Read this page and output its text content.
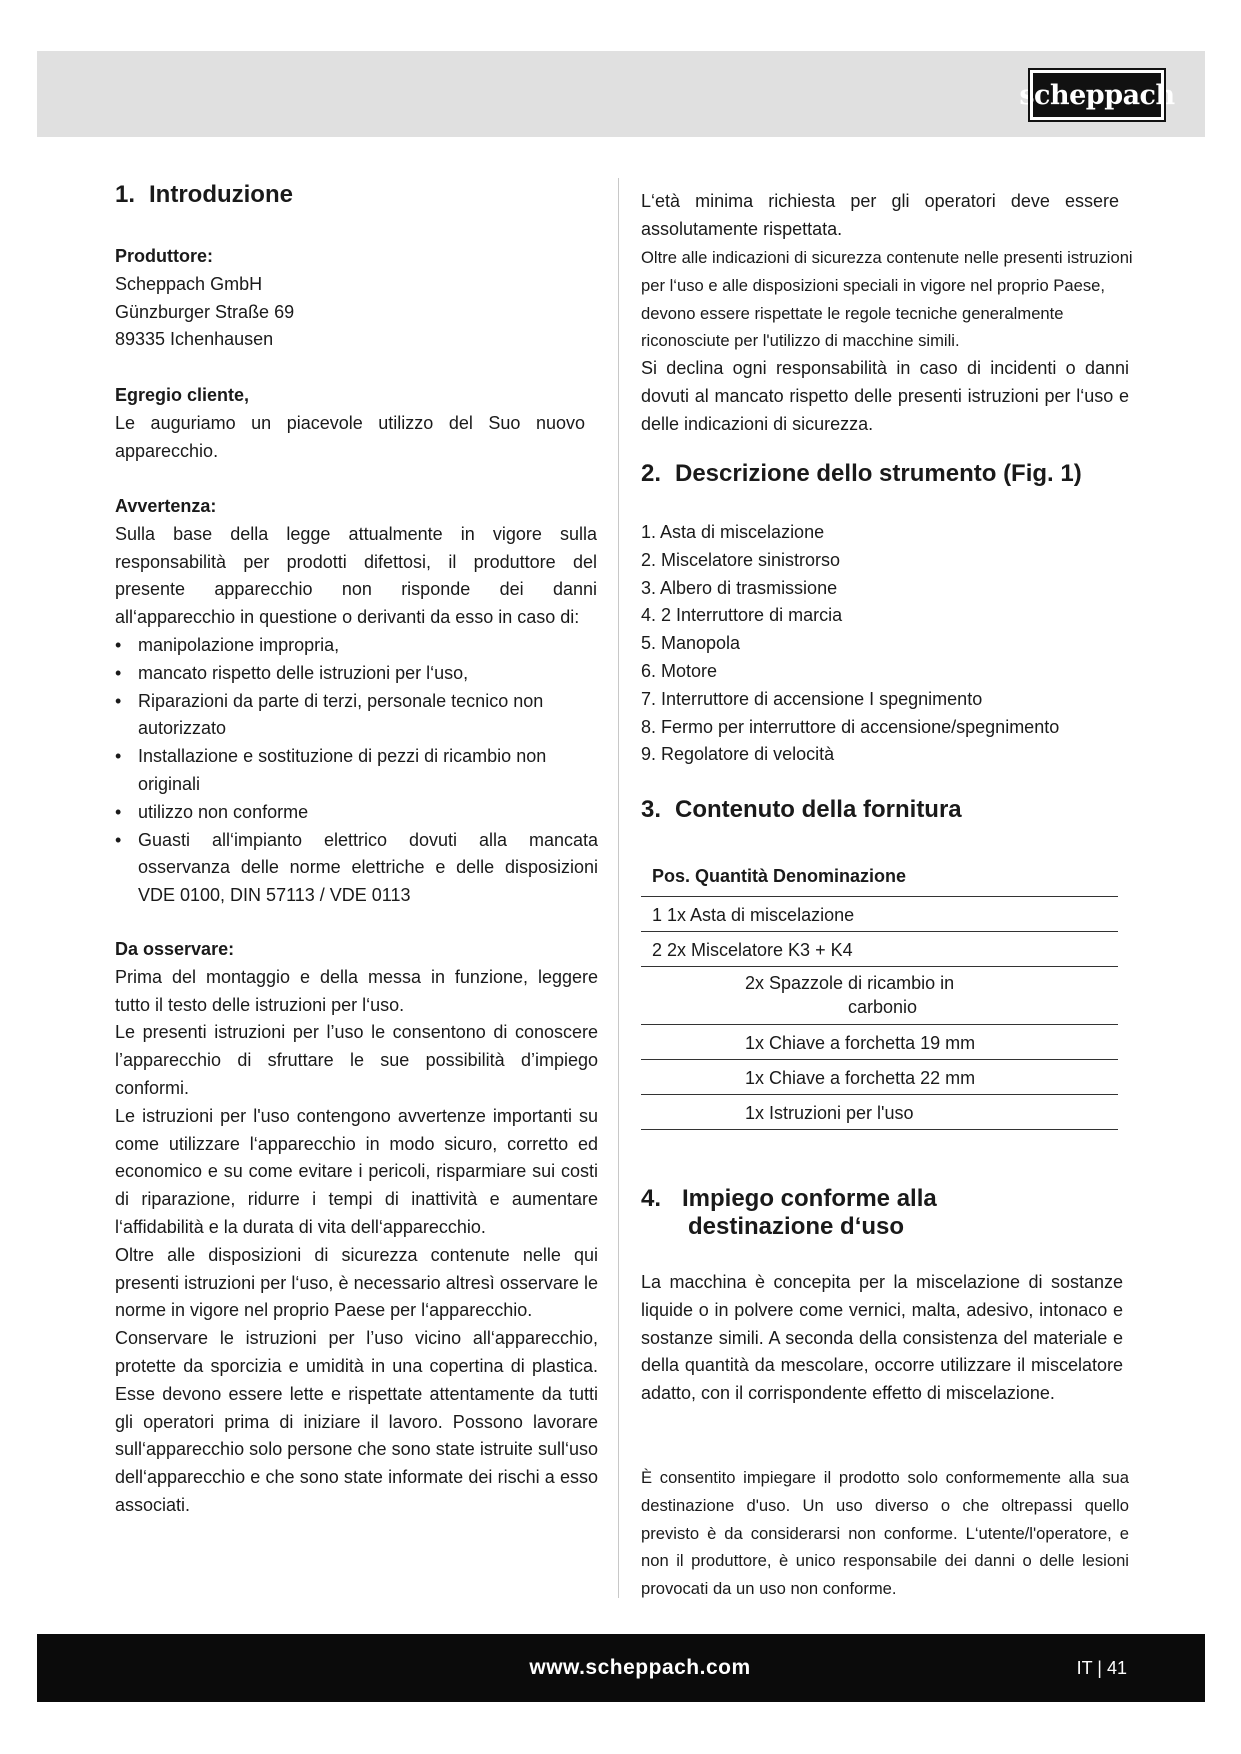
scheppach
1. Introduzione
Produttore:
Scheppach GmbH
Günzburger Straße 69
89335 Ichenhausen
Egregio cliente,

Le auguriamo un piacevole utilizzo del Suo nuovo apparecchio.

Avvertenza:

Sulla base della legge attualmente in vigore sulla responsabilità per prodotti difettosi, il produttore del presente apparecchio non risponde dei danni all‘apparecchio in questione o derivanti da esso in caso di:

• manipolazione impropria,
• mancato rispetto delle istruzioni per l‘uso,
• Riparazioni da parte di terzi, personale tecnico non autorizzato
• Installazione e sostituzione di pezzi di ricambio non originali
• utilizzo non conforme
• Guasti all‘impianto elettrico dovuti alla mancata osservanza delle norme elettriche e delle disposizioni VDE 0100, DIN 57113 / VDE 0113
Da osservare:

Prima del montaggio e della messa in funzione, leggere tutto il testo delle istruzioni per l‘uso.

Le presenti istruzioni per l’uso le consentono di conoscere l’apparecchio di sfruttare le sue possibilità d’impiego conformi.

Le istruzioni per l'uso contengono avvertenze importanti su come utilizzare l‘apparecchio in modo sicuro, corretto ed economico e su come evitare i pericoli, risparmiare sui costi di riparazione, ridurre i tempi di inattività e aumentare l‘affidabilità e la durata di vita dell‘apparecchio.

Oltre alle disposizioni di sicurezza contenute nelle qui presenti istruzioni per l‘uso, è necessario altresì osservare le norme in vigore nel proprio Paese per l‘apparecchio.

Conservare le istruzioni per l’uso vicino all‘apparecchio, protette da sporcizia e umidità in una copertina di plastica. Esse devono essere lette e rispettate attentamente da tutti gli operatori prima di iniziare il lavoro. Possono lavorare sull‘apparecchio solo persone che sono state istruite sull‘uso dell‘apparecchio e che sono state informate dei rischi a esso associati.

L‘età minima richiesta per gli operatori deve essere assolutamente rispettata.

Oltre alle indicazioni di sicurezza contenute nelle presenti istruzioni per l‘uso e alle disposizioni speciali in vigore nel proprio Paese, devono essere rispettate le regole tecniche generalmente riconosciute per l'utilizzo di macchine simili.

Si declina ogni responsabilità in caso di incidenti o danni dovuti al mancato rispetto delle presenti istruzioni per l‘uso e delle indicazioni di sicurezza.

2. Descrizione dello strumento (Fig. 1)
1. Asta di miscelazione
2. Miscelatore sinistrorso
3. Albero di trasmissione
4. 2 Interruttore di marcia
5. Manopola
6. Motore
7. Interruttore di accensione I spegnimento
8. Fermo per interruttore di accensione/spegnimento
9. Regolatore di velocità
3. Contenuto della fornitura
Pos. Quantità Denominazione
1 1x Asta di miscelazione
2 2x Miscelatore K3 + K4
2x Spazzole di ricambio in
carbonio
1x Chiave a forchetta 19 mm
1x Chiave a forchetta 22 mm
1x Istruzioni per l'uso
4. Impiego conforme alla
destinazione d‘uso

La macchina è concepita per la miscelazione di sostanze liquide o in polvere come vernici, malta, adesivo, intonaco e sostanze simili. A seconda della consistenza del materiale e della quantità da mescolare, occorre utilizzare il miscelatore adatto, con il corrispondente effetto di miscelazione.

È consentito impiegare il prodotto solo conformemente alla sua destinazione d'uso. Un uso diverso o che oltrepassi quello previsto è da considerarsi non conforme. L‘utente/l'operatore, e non il produttore, è unico responsabile dei danni o delle lesioni provocati da un uso non conforme.

www.scheppach.com	IT | 41
